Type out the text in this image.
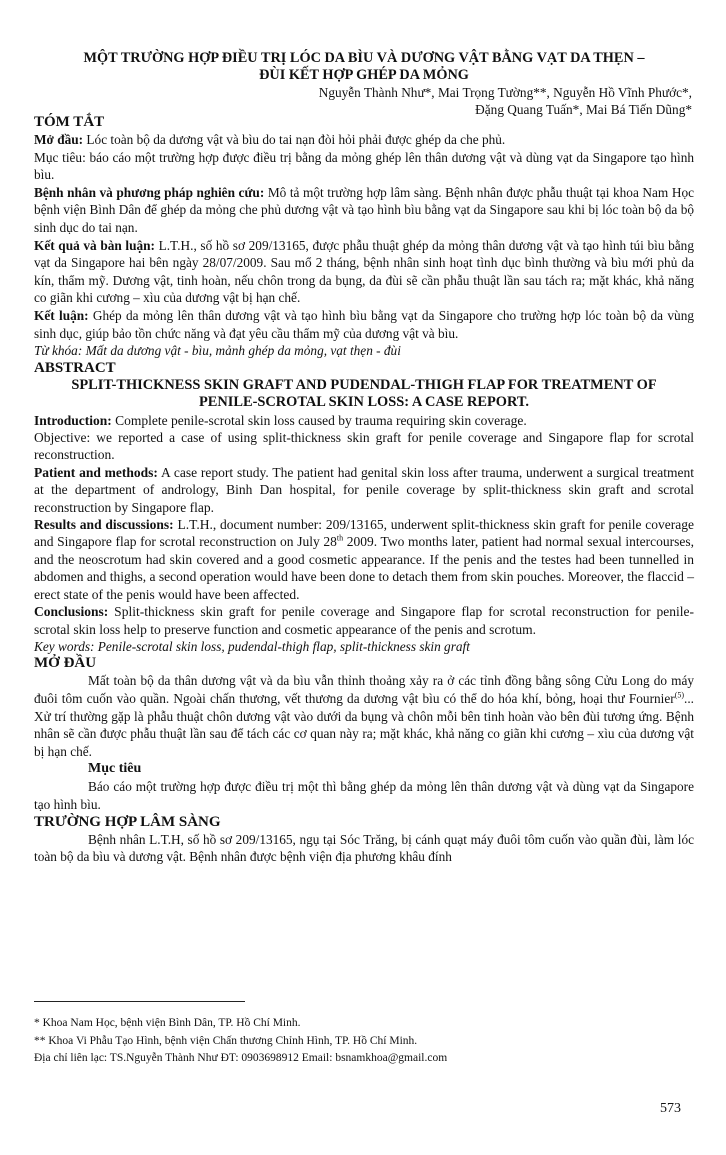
MỘT TRƯỜNG HỢP ĐIỀU TRỊ LÓC DA BÌU VÀ DƯƠNG VẬT BẰNG VẠT DA THẸN –
ĐÙI KẾT HỢP GHÉP DA MỎNG
Nguyễn Thành Như*, Mai Trọng Tường**, Nguyễn Hồ Vĩnh Phước*,
Đặng Quang Tuấn*, Mai Bá Tiến Dũng*
TÓM TẮT

Mở đầu: Lóc toàn bộ da dương vật và bìu do tai nạn đòi hỏi phải được ghép da che phủ.

Mục tiêu: báo cáo một trường hợp được điều trị bằng da mỏng ghép lên thân dương vật và dùng vạt da Singapore tạo hình bìu.

Bệnh nhân và phương pháp nghiên cứu: Mô tả một trường hợp lâm sàng. Bệnh nhân được phẫu thuật tại khoa Nam Học bệnh viện Bình Dân để ghép da mỏng che phủ dương vật và tạo hình bìu bằng vạt da Singapore sau khi bị lóc toàn bộ da bộ sinh dục do tai nạn.

Kết quả và bàn luận: L.T.H., số hồ sơ 209/13165, được phẫu thuật ghép da mỏng thân dương vật và tạo hình túi bìu bằng vạt da Singapore hai bên ngày 28/07/2009. Sau mổ 2 tháng, bệnh nhân sinh hoạt tình dục bình thường và bìu mới phủ da kín, thẩm mỹ. Dương vật, tinh hoàn, nếu chôn trong da bụng, da đùi sẽ cần phẫu thuật lần sau tách ra; mặt khác, khả năng co giãn khi cương – xìu của dương vật bị hạn chế.

Kết luận: Ghép da mỏng lên thân dương vật và tạo hình bìu bằng vạt da Singapore cho trường hợp lóc toàn bộ da vùng sinh dục, giúp bảo tồn chức năng và đạt yêu cầu thẩm mỹ của dương vật và bìu.

Từ khóa: Mất da dương vật - bìu, mảnh ghép da mỏng, vạt thẹn - đùi
ABSTRACT
SPLIT-THICKNESS SKIN GRAFT AND PUDENDAL-THIGH FLAP FOR TREATMENT OF
PENILE-SCROTAL SKIN LOSS: A CASE REPORT.

Introduction: Complete penile-scrotal skin loss caused by trauma requiring skin coverage.

Objective: we reported a case of using split-thickness skin graft for penile coverage and Singapore flap for scrotal reconstruction.

Patient and methods: A case report study. The patient had genital skin loss after trauma, underwent a surgical treatment at the department of andrology, Binh Dan hospital, for penile coverage by split-thickness skin graft and scrotal reconstruction by Singapore flap.

Results and discussions: L.T.H., document number: 209/13165, underwent split-thickness skin graft for penile coverage and Singapore flap for scrotal reconstruction on July 28th 2009. Two months later, patient had normal sexual intercourses, and the neoscrotum had skin covered and a good cosmetic appearance. If the penis and the testes had been tunnelled in abdomen and thighs, a second operation would have been done to detach them from skin pouches. Moreover, the flaccid – erect state of the penis would have been affected.

Conclusions: Split-thickness skin graft for penile coverage and Singapore flap for scrotal reconstruction for penile-scrotal skin loss help to preserve function and cosmetic appearance of the penis and scrotum.

Key words: Penile-scrotal skin loss, pudendal-thigh flap, split-thickness skin graft
MỞ ĐẦU

Mất toàn bộ da thân dương vật và da bìu vẫn thỉnh thoảng xảy ra ở các tỉnh đồng bằng sông Cửu Long do máy đuôi tôm cuốn vào quần. Ngoài chấn thương, vết thương da dương vật bìu có thể do hóa khí, bỏng, hoại thư Fournier$^{(5)}$... Xử trí thường gặp là phẫu thuật chôn dương vật vào dưới da bụng và chôn mỗi bên tinh hoàn vào bên đùi tương ứng. Bệnh nhân sẽ cần được phẫu thuật lần sau để tách các cơ quan này ra; mặt khác, khả năng co giãn khi cương – xìu của dương vật bị hạn chế.

Mục tiêu

Báo cáo một trường hợp được điều trị một thì bằng ghép da mỏng lên thân dương vật và dùng vạt da Singapore tạo hình bìu.

TRƯỜNG HỢP LÂM SÀNG

Bệnh nhân L.T.H, số hồ sơ 209/13165, ngụ tại Sóc Trăng, bị cánh quạt máy đuôi tôm cuốn vào quần đùi, làm lóc toàn bộ da bìu và dương vật. Bệnh nhân được bệnh viện địa phương khâu đính

* Khoa Nam Học, bệnh viện Bình Dân, TP. Hồ Chí Minh.
** Khoa Vi Phẫu Tạo Hình, bệnh viện Chấn thương Chỉnh Hình, TP. Hồ Chí Minh.
Địa chỉ liên lạc: TS.Nguyễn Thành Như ĐT: 0903698912 Email: bsnamkhoa@gmail.com
573
